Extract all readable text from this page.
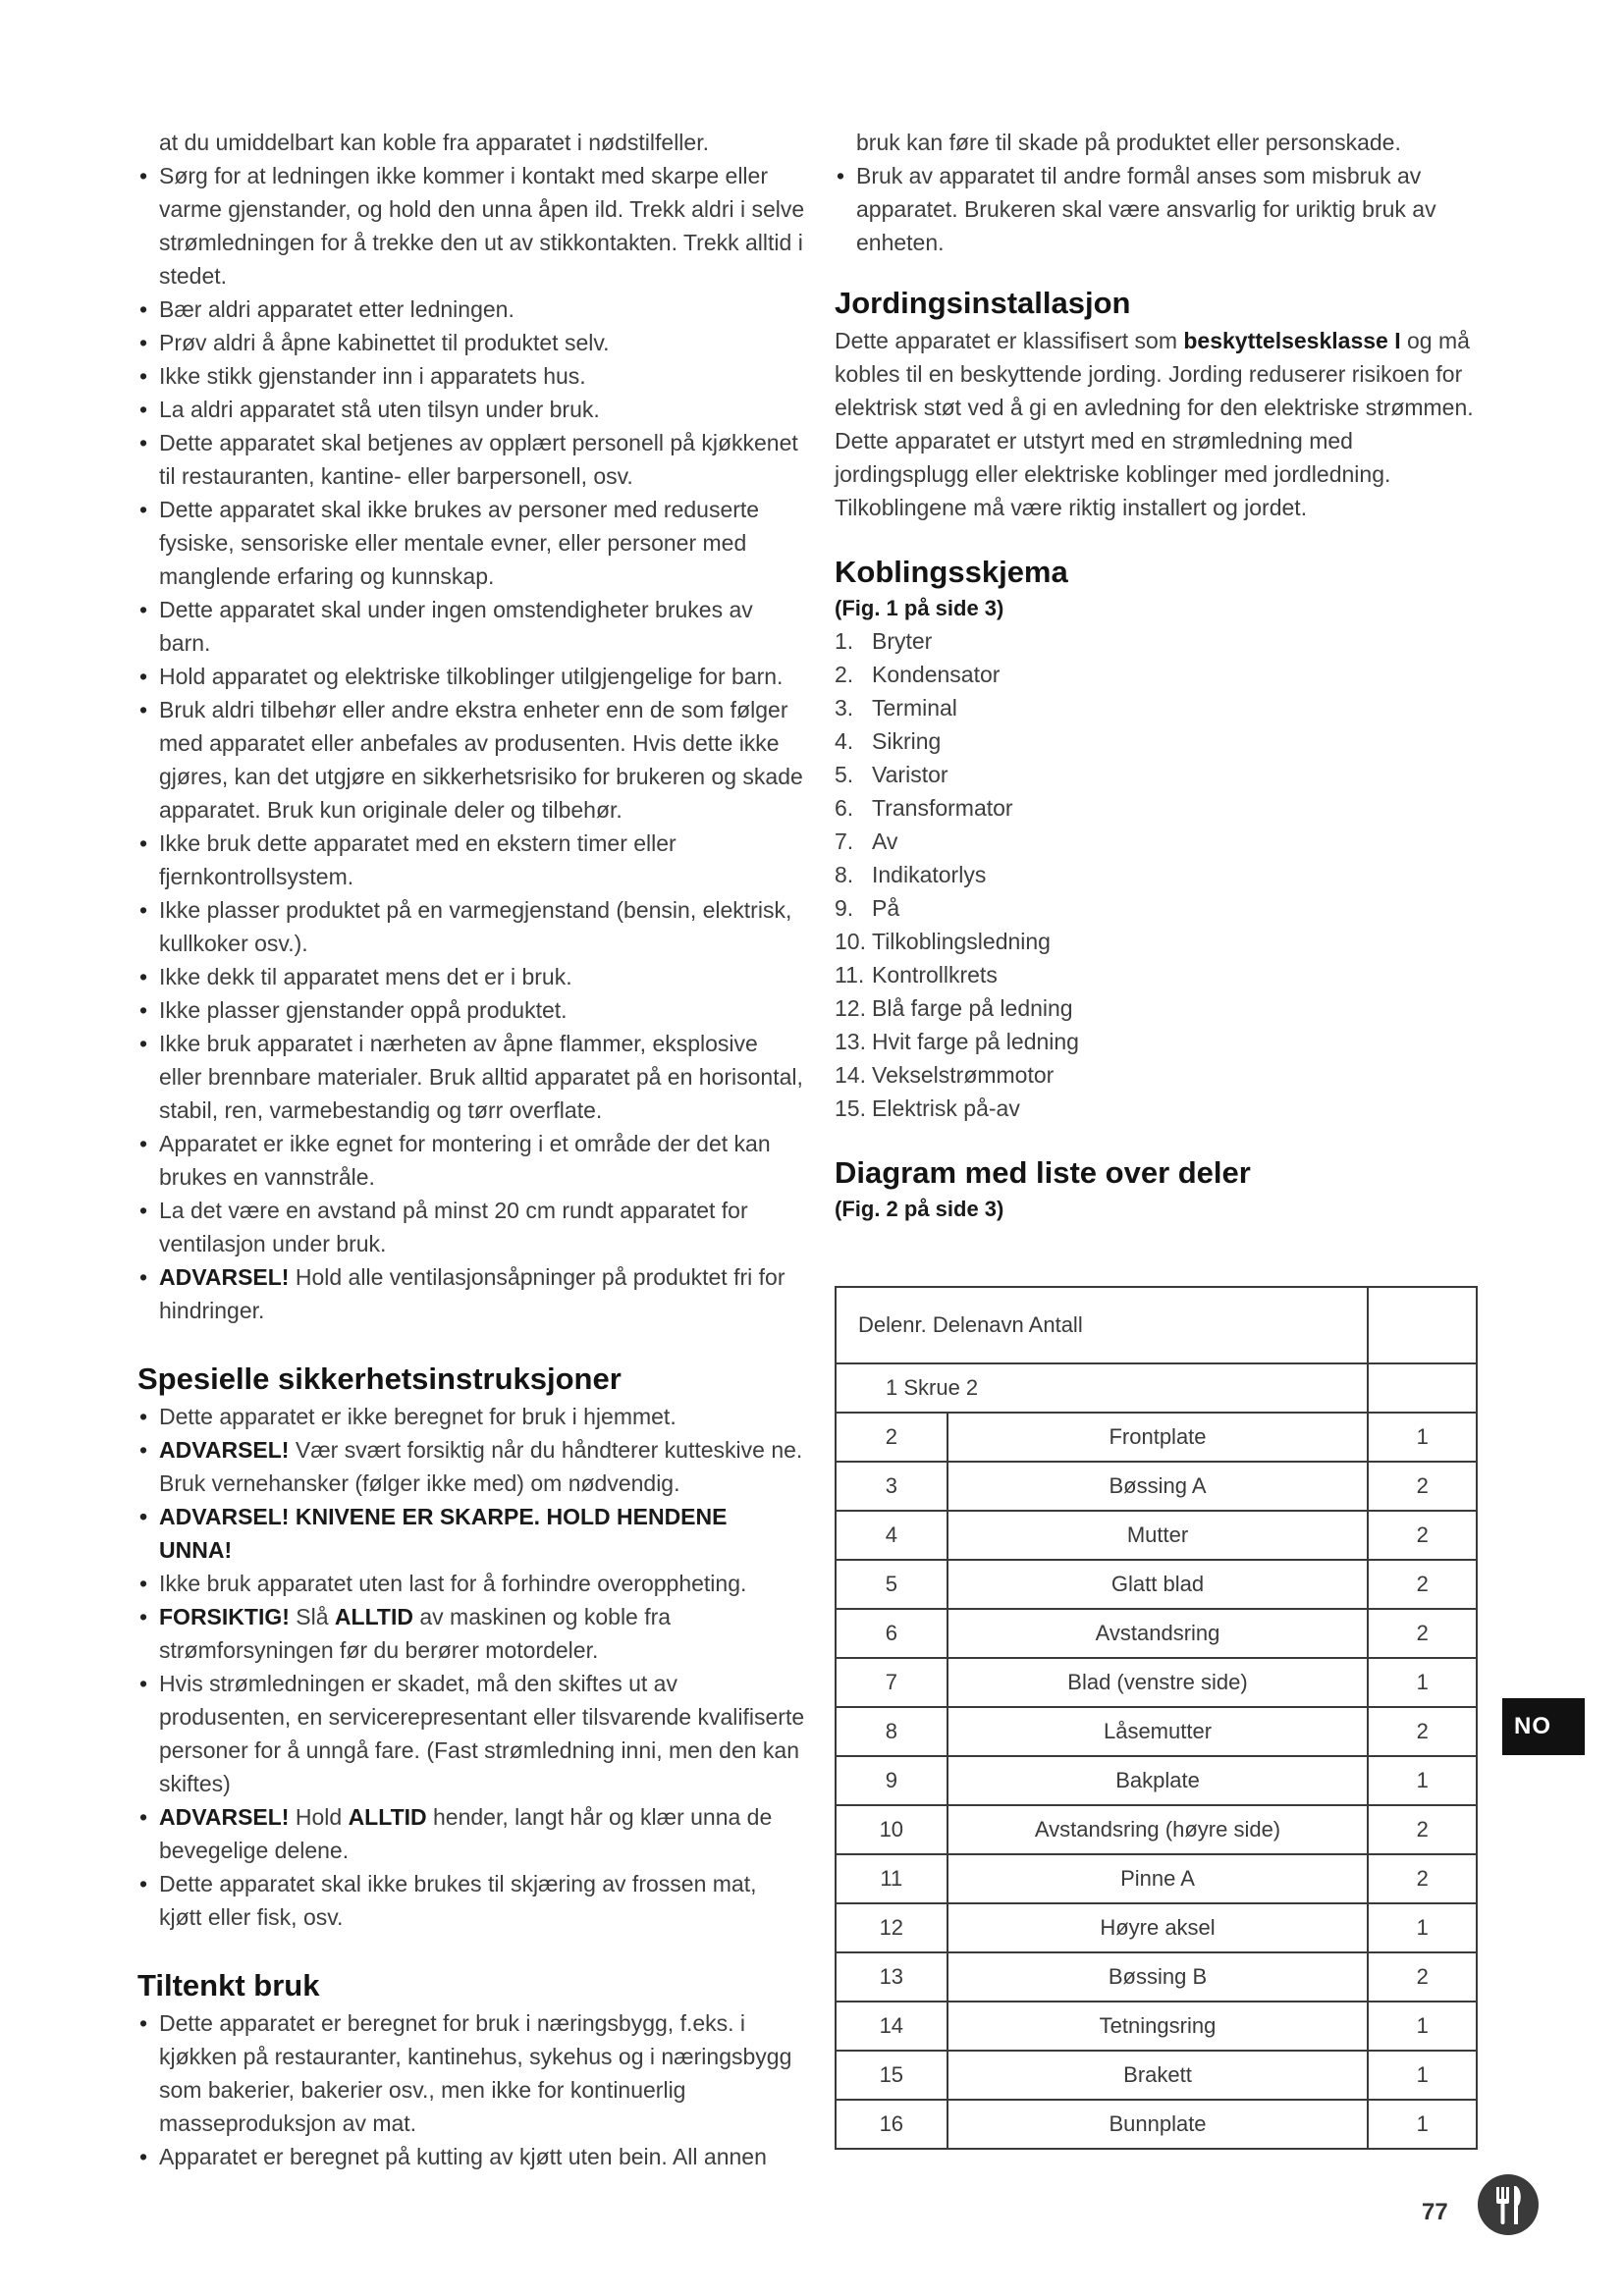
at du umiddelbart kan koble fra apparatet i nødstilfeller.
• Sørg for at ledningen ikke kommer i kontakt med skarpe eller varme gjenstander, og hold den unna åpen ild. Trekk aldri i selve strømledningen for å trekke den ut av stikkontakten. Trekk alltid i stedet.
• Bær aldri apparatet etter ledningen.
• Prøv aldri å åpne kabinettet til produktet selv.
• Ikke stikk gjenstander inn i apparatets hus.
• La aldri apparatet stå uten tilsyn under bruk.
• Dette apparatet skal betjenes av opplært personell på kjøkkenet til restauranten, kantine- eller barpersonell, osv.
• Dette apparatet skal ikke brukes av personer med reduserte fysiske, sensoriske eller mentale evner, eller personer med manglende erfaring og kunnskap.
• Dette apparatet skal under ingen omstendigheter brukes av barn.
• Hold apparatet og elektriske tilkoblinger utilgjengelige for barn.
• Bruk aldri tilbehør eller andre ekstra enheter enn de som følger med apparatet eller anbefales av produsenten. Hvis dette ikke gjøres, kan det utgjøre en sikkerhetsrisiko for brukeren og skade apparatet. Bruk kun originale deler og tilbehør.
• Ikke bruk dette apparatet med en ekstern timer eller fjernkontrollsystem.
• Ikke plasser produktet på en varmegjenstand (bensin, elektrisk, kullkoker osv.).
• Ikke dekk til apparatet mens det er i bruk.
• Ikke plasser gjenstander oppå produktet.
• Ikke bruk apparatet i nærheten av åpne flammer, eksplosive eller brennbare materialer. Bruk alltid apparatet på en horisontal, stabil, ren, varmebestandig og tørr overflate.
• Apparatet er ikke egnet for montering i et område der det kan brukes en vannstråle.
• La det være en avstand på minst 20 cm rundt apparatet for ventilasjon under bruk.
• ADVARSEL! Hold alle ventilasjonsåpninger på produktet fri for hindringer.
Spesielle sikkerhetsinstruksjoner
• Dette apparatet er ikke beregnet for bruk i hjemmet.
• ADVARSEL! Vær svært forsiktig når du håndterer kutteskive ne. Bruk vernehansker (følger ikke med) om nødvendig.
• ADVARSEL! KNIVENE ER SKARPE. HOLD HENDENE UNNA!
• Ikke bruk apparatet uten last for å forhindre overoppheting.
• FORSIKTIG! Slå ALLTID av maskinen og koble fra strømforsyningen før du berører motordeler.
• Hvis strømledningen er skadet, må den skiftes ut av produsenten, en servicerepresentant eller tilsvarende kvalifiserte personer for å unngå fare. (Fast strømledning inni, men den kan skiftes)
• ADVARSEL! Hold ALLTID hender, langt hår og klær unna de bevegelige delene.
• Dette apparatet skal ikke brukes til skjæring av frossen mat, kjøtt eller fisk, osv.
Tiltenkt bruk
• Dette apparatet er beregnet for bruk i næringsbygg, f.eks. i kjøkken på restauranter, kantinehus, sykehus og i næringsbygg som bakerier, bakerier osv., men ikke for kontinuerlig masseproduksjon av mat.
• Apparatet er beregnet på kutting av kjøtt uten bein. All annen
bruk kan føre til skade på produktet eller personskade.
• Bruk av apparatet til andre formål anses som misbruk av apparatet. Brukeren skal være ansvarlig for uriktig bruk av enheten.
Jordingsinstallasjon
Dette apparatet er klassifisert som beskyttelsesklasse I og må kobles til en beskyttende jording. Jording reduserer risikoen for elektrisk støt ved å gi en avledning for den elektriske strømmen.
Dette apparatet er utstyrt med en strømledning med jordingsplugg eller elektriske koblinger med jordledning. Tilkoblingene må være riktig installert og jordet.
Koblingsskjema
(Fig. 1 på side 3)
1. Bryter
2. Kondensator
3. Terminal
4. Sikring
5. Varistor
6. Transformator
7. Av
8. Indikatorlys
9. På
10. Tilkoblingsledning
11. Kontrollkrets
12. Blå farge på ledning
13. Hvit farge på ledning
14. Vekselstrømmotor
15. Elektrisk på-av
Diagram med liste over deler
(Fig. 2 på side 3)
Delenr. Delenavn Antall		
1 Skrue 2		
2	Frontplate	1
3	Bøssing A	2
4	Mutter	2
5	Glatt blad	2
6	Avstandsring	2
7	Blad (venstre side)	1
8	Låsemutter	2
9	Bakplate	1
10	Avstandsring (høyre side)	2
11	Pinne A	2
12	Høyre aksel	1
13	Bøssing B	2
14	Tetningsring	1
15	Brakett	1
16	Bunnplate	1
NO
77
